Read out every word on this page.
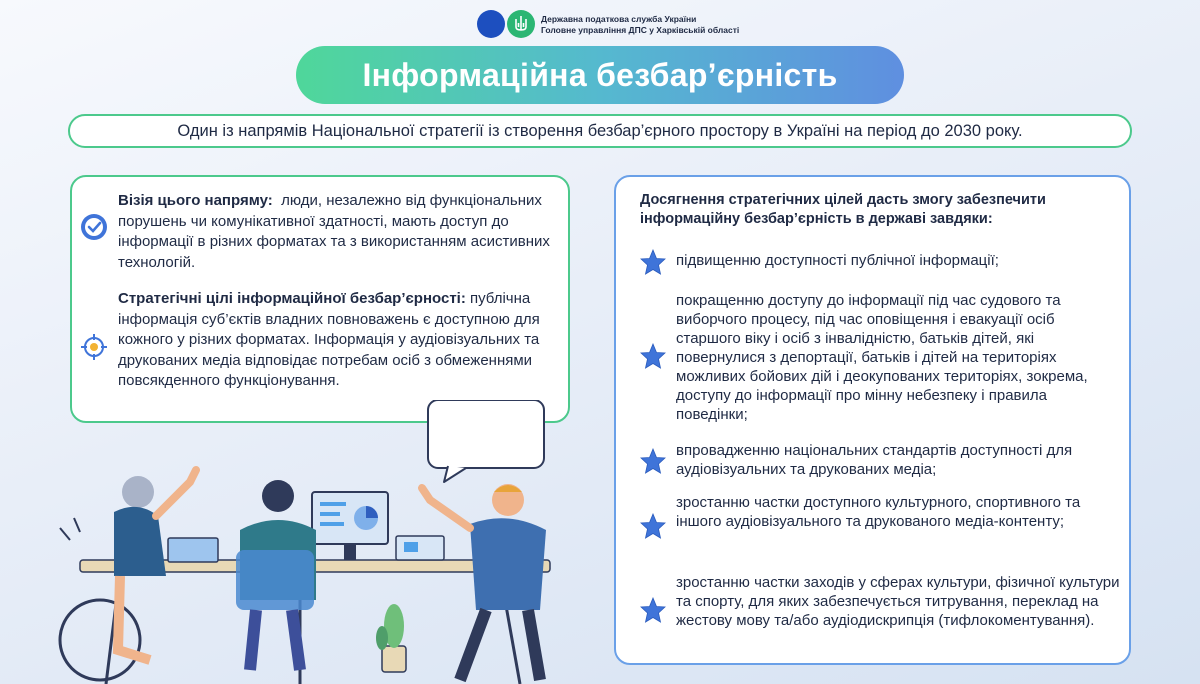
Державна податкова служба України
Головне управління ДПС у Харківській області
Інформаційна безбар’єрність
Один із напрямів Національної стратегії із створення безбар’єрного простору в Україні на період до 2030 року.
Візія цього напряму: люди, незалежно від функціональних порушень чи комунікативної здатності, мають доступ до інформації в різних форматах та з використанням асистивних технологій.
Стратегічні цілі інформаційної безбар’єрності: публічна інформація суб’єктів владних повноважень є доступною для кожного у різних форматах. Інформація у аудіовізуальних та друкованих медіа відповідає потребам осіб з обмеженнями повсякденного функціонування.
Досягнення стратегічних цілей дасть змогу забезпечити інформаційну безбар’єрність в державі завдяки:
підвищенню доступності публічної інформації;
покращенню доступу до інформації під час судового та виборчого процесу, під час оповіщення і евакуації осіб старшого віку і осіб з інвалідністю, батьків дітей, які повернулися з депортації, батьків і дітей на територіях можливих бойових дій і деокупованих територіях, зокрема, доступу до інформації про мінну небезпеку і правила поведінки;
впровадженню національних стандартів доступності для аудіовізуальних та друкованих медіа;
зростанню частки доступного культурного, спортивного та іншого аудіовізуального та друкованого медіа-контенту;
зростанню частки заходів у сферах культури, фізичної культури та спорту, для яких забезпечується титрування, переклад на жестову мову та/або аудіодискрипція (тифлокоментування).
